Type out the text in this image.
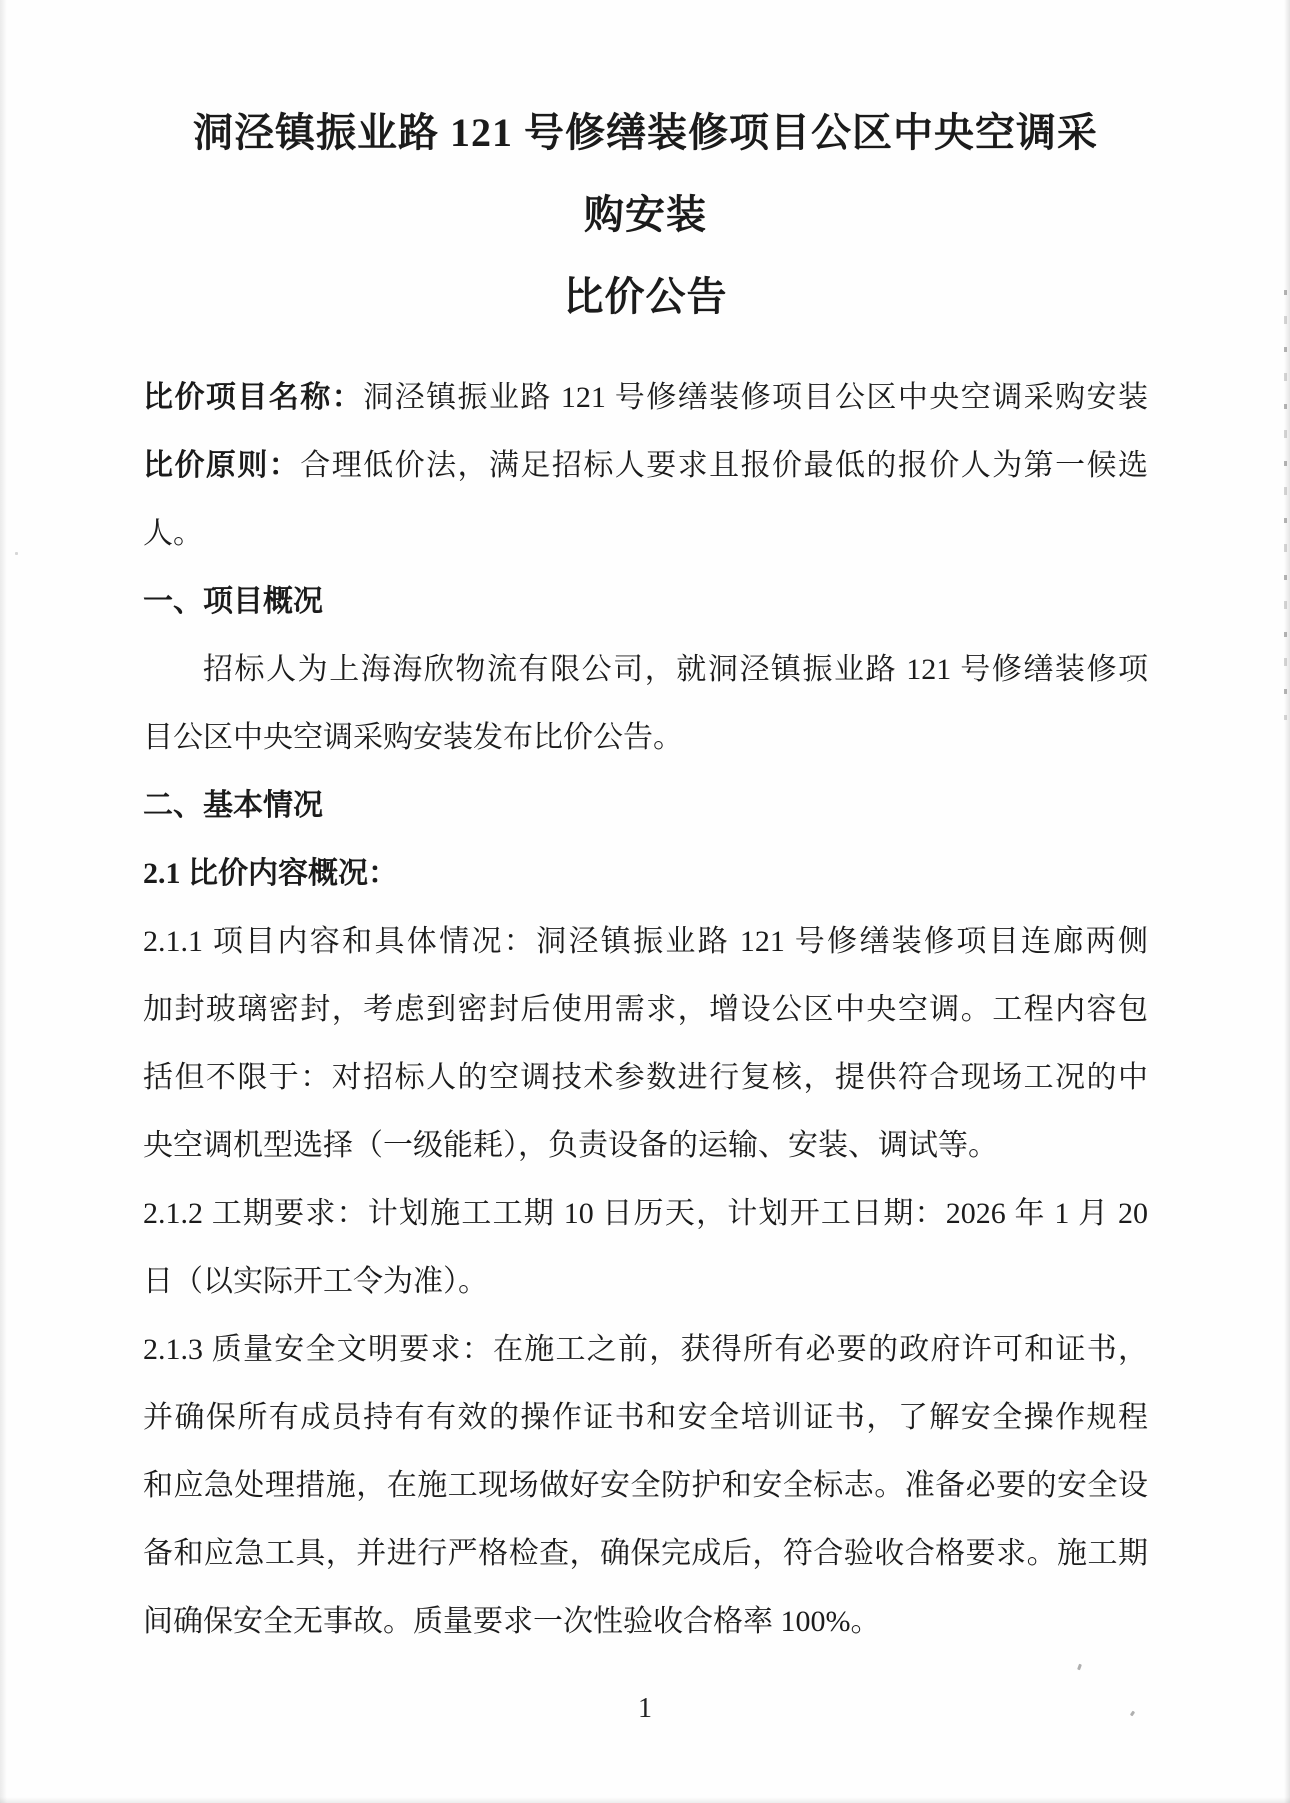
洞泾镇振业路 121 号修缮装修项目公区中央空调采
购安装
比价公告
比价项目名称：洞泾镇振业路 121 号修缮装修项目公区中央空调采购安装
比价原则：合理低价法，满足招标人要求且报价最低的报价人为第一候选
人。
一、项目概况
招标人为上海海欣物流有限公司，就洞泾镇振业路 121 号修缮装修项
目公区中央空调采购安装发布比价公告。
二、基本情况
2.1 比价内容概况：
2.1.1 项目内容和具体情况：洞泾镇振业路 121 号修缮装修项目连廊两侧
加封玻璃密封，考虑到密封后使用需求，增设公区中央空调。工程内容包
括但不限于：对招标人的空调技术参数进行复核，提供符合现场工况的中
央空调机型选择（一级能耗），负责设备的运输、安装、调试等。
2.1.2 工期要求：计划施工工期 10 日历天，计划开工日期：2026 年 1 月 20
日（以实际开工令为准）。
2.1.3 质量安全文明要求：在施工之前，获得所有必要的政府许可和证书，
并确保所有成员持有有效的操作证书和安全培训证书，了解安全操作规程
和应急处理措施，在施工现场做好安全防护和安全标志。准备必要的安全设
备和应急工具，并进行严格检查，确保完成后，符合验收合格要求。施工期
间确保安全无事故。质量要求一次性验收合格率 100%。
1
